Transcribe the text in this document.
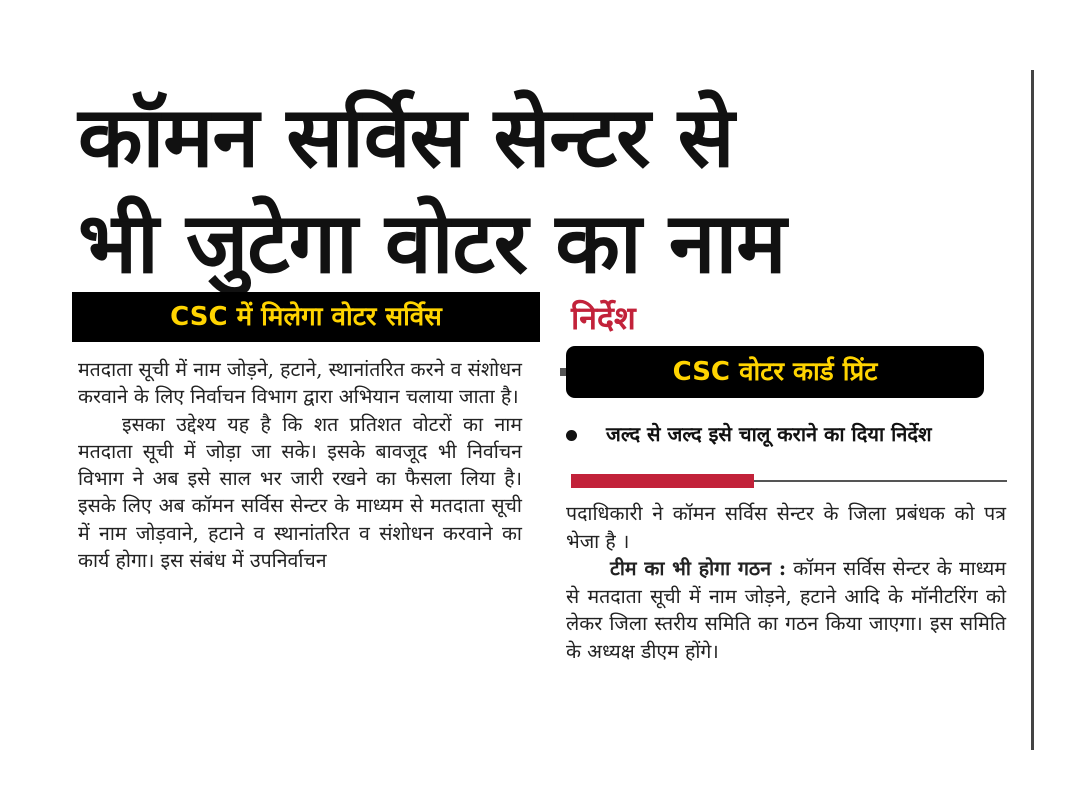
कॉमन सर्विस सेन्टर से
भी जुटेगा वोटर का नाम
CSC में मिलेगा वोटर सर्विस

मतदाता सूची में नाम जोड़ने, हटाने, स्थानांतरित करने व संशोधन करवाने के लिए निर्वाचन विभाग द्वारा अभियान चलाया जाता है।

इसका उद्देश्य यह है कि शत प्रतिशत वोटरों का नाम मतदाता सूची में जोड़ा जा सके। इसके बावजूद भी निर्वाचन विभाग ने अब इसे साल भर जारी रखने का फैसला लिया है। इसके लिए अब कॉमन सर्विस सेन्टर के माध्यम से मतदाता सूची में नाम जोड़वाने, हटाने व स्थानांतरित व संशोधन करवाने का कार्य होगा। इस संबंध में उपनिर्वाचन

निर्देश
CSC वोटर कार्ड प्रिंट
जल्द से जल्द इसे चालू कराने का दिया निर्देश

पदाधिकारी ने कॉमन सर्विस सेन्टर के जिला प्रबंधक को पत्र भेजा है ।

टीम का भी होगा गठन : कॉमन सर्विस सेन्टर के माध्यम से मतदाता सूची में नाम जोड़ने, हटाने आदि के मॉनीटरिंग को लेकर जिला स्तरीय समिति का गठन किया जाएगा। इस समिति के अध्यक्ष डीएम होंगे।
